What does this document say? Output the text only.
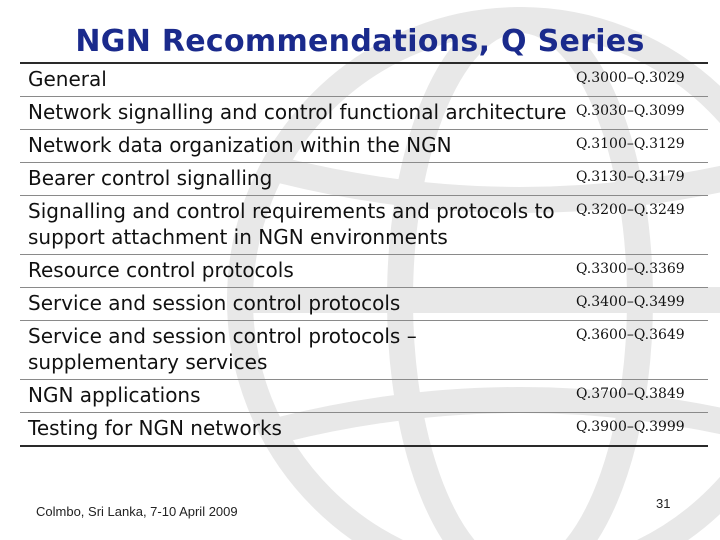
NGN Recommendations, Q Series
General	Q.3000–Q.3029

Network signalling and control functional architecture	Q.3030–Q.3099
Network data organization within the NGN	Q.3100–Q.3129
Bearer control signalling	Q.3130–Q.3179
Signalling and control requirements and protocols to support attachment in NGN environments	Q.3200–Q.3249
Resource control protocols	Q.3300–Q.3369
Service and session control protocols	Q.3400–Q.3499
Service and session control protocols – supplementary services	Q.3600–Q.3649
NGN applications	Q.3700–Q.3849
Testing for NGN networks	Q.3900–Q.3999
Colmbo, Sri Lanka, 7-10 April 2009
31
